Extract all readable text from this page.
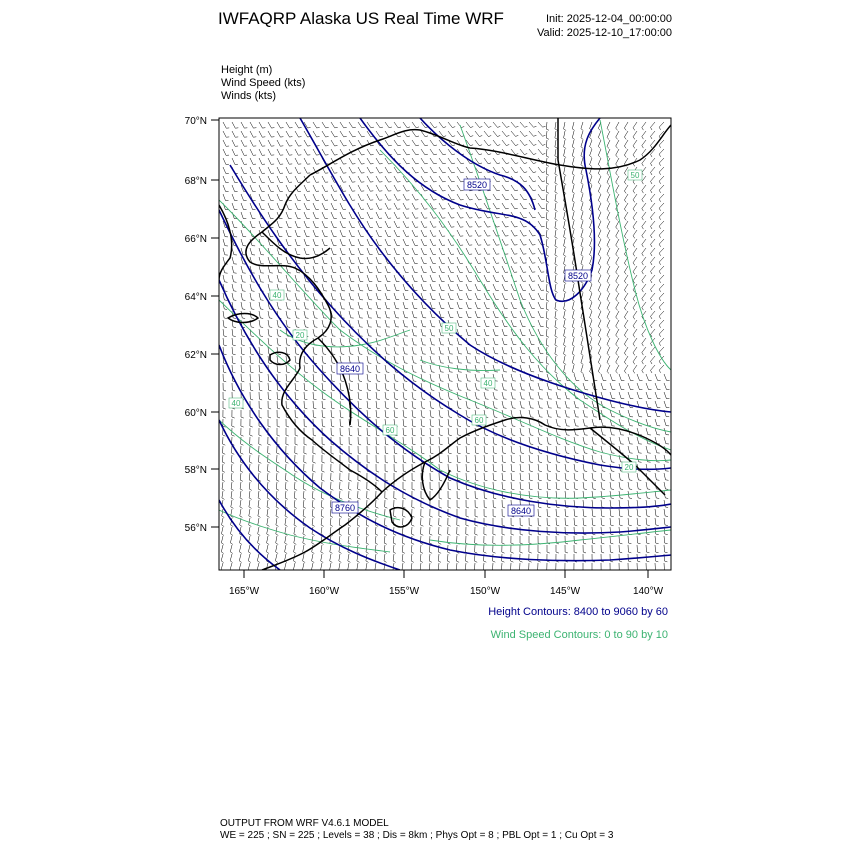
IWFAQRP Alaska US Real Time WRF	Init: 2025-12-04_00:00:00
Valid: 2025-12-10_17:00:00
Height (m)
Wind Speed (kts)
Winds (kts)
70°N
68°N
66°N
64°N
62°N
60°N
58°N
56°N
165°W	160°W	155°W	150°W	145°W	140°W
8520
8520
8640
8760	8640
50
50
40
40
60
20
20
60
40
Height Contours: 8400 to 9060 by 60
Wind Speed Contours: 0 to 90 by 10
OUTPUT FROM WRF V4.6.1 MODEL
WE = 225 ; SN = 225 ; Levels = 38 ; Dis = 8km ; Phys Opt = 8 ; PBL Opt = 1 ; Cu Opt = 3
